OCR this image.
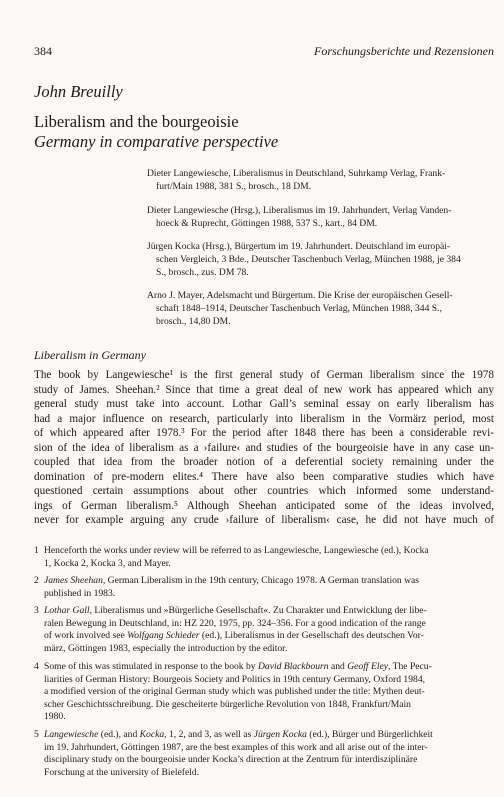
384	Forschungsberichte und Rezensionen
John Breuilly
Liberalism and the bourgeoisie
Germany in comparative perspective
Dieter Langewiesche, Liberalismus in Deutschland, Suhrkamp Verlag, Frank-
furt/Main 1988, 381 S., brosch., 18 DM.
Dieter Langewiesche (Hrsg.), Liberalismus im 19. Jahrhundert, Verlag Vanden-
hoeck & Ruprecht, Göttingen 1988, 537 S., kart., 84 DM.
Jürgen Kocka (Hrsg.), Bürgertum im 19. Jahrhundert. Deutschland im europäi-
schen Vergleich, 3 Bde., Deutscher Taschenbuch Verlag, München 1988, je 384
S., brosch., zus. DM 78.
Arno J. Mayer, Adelsmacht und Bürgertum. Die Krise der europäischen Gesell-
schaft 1848–1914, Deutscher Taschenbuch Verlag, München 1988, 344 S.,
brosch., 14,80 DM.
Liberalism in Germany
The book by Langewiesche¹ is the first general study of German liberalism since the 1978
study of James. Sheehan.² Since that time a great deal of new work has appeared which any
general study must take into account. Lothar Gall’s seminal essay on early liberalism has
had a major influence on research, particularly into liberalism in the Vormärz period, most
of which appeared after 1978.³ For the period after 1848 there has been a considerable revi-
sion of the idea of liberalism as a ›failure‹ and studies of the bourgeoisie have in any case un-
coupled that idea from the broader notion of a deferential society remaining under the
domination of pre-modern elites.⁴ There have also been comparative studies which have
questioned certain assumptions about other countries which informed some understand-
ings of German liberalism.⁵ Although Sheehan anticipated some of the ideas involved,
never for example arguing any crude ›failure of liberalism‹ case, he did not have much of
1 Henceforth the works under review will be referred to as Langewiesche, Langewiesche (ed.), Kocka
1, Kocka 2, Kocka 3, and Mayer.
2 James Sheehan, German Liberalism in the 19th century, Chicago 1978. A German translation was
published in 1983.
3 Lothar Gall, Liberalismus und »Bürgerliche Gesellschaft«. Zu Charakter und Entwicklung der libe-
ralen Bewegung in Deutschland, in: HZ 220, 1975, pp. 324–356. For a good indication of the range
of work involved see Wolfgang Schieder (ed.), Liberalismus in der Gesellschaft des deutschen Vor-
märz, Göttingen 1983, especially the introduction by the editor.
4 Some of this was stimulated in response to the book by David Blackbourn and Geoff Eley, The Pecu-
liarities of German History: Bourgeois Society and Politics in 19th century Germany, Oxford 1984,
a modified version of the original German study which was published under the title: Mythen deut-
scher Geschichtsschreibung. Die gescheiterte bürgerliche Revolution von 1848, Frankfurt/Main
1980.
5 Langewiesche (ed.), and Kocka, 1, 2, and 3, as well as Jürgen Kocka (ed.), Bürger und Bürgerlichkeit
im 19. Jahrhundert, Göttingen 1987, are the best examples of this work and all arise out of the inter-
disciplinary study on the bourgeoisie under Kocka’s direction at the Zentrum für interdisziplinäre
Forschung at the university of Bielefeld.
